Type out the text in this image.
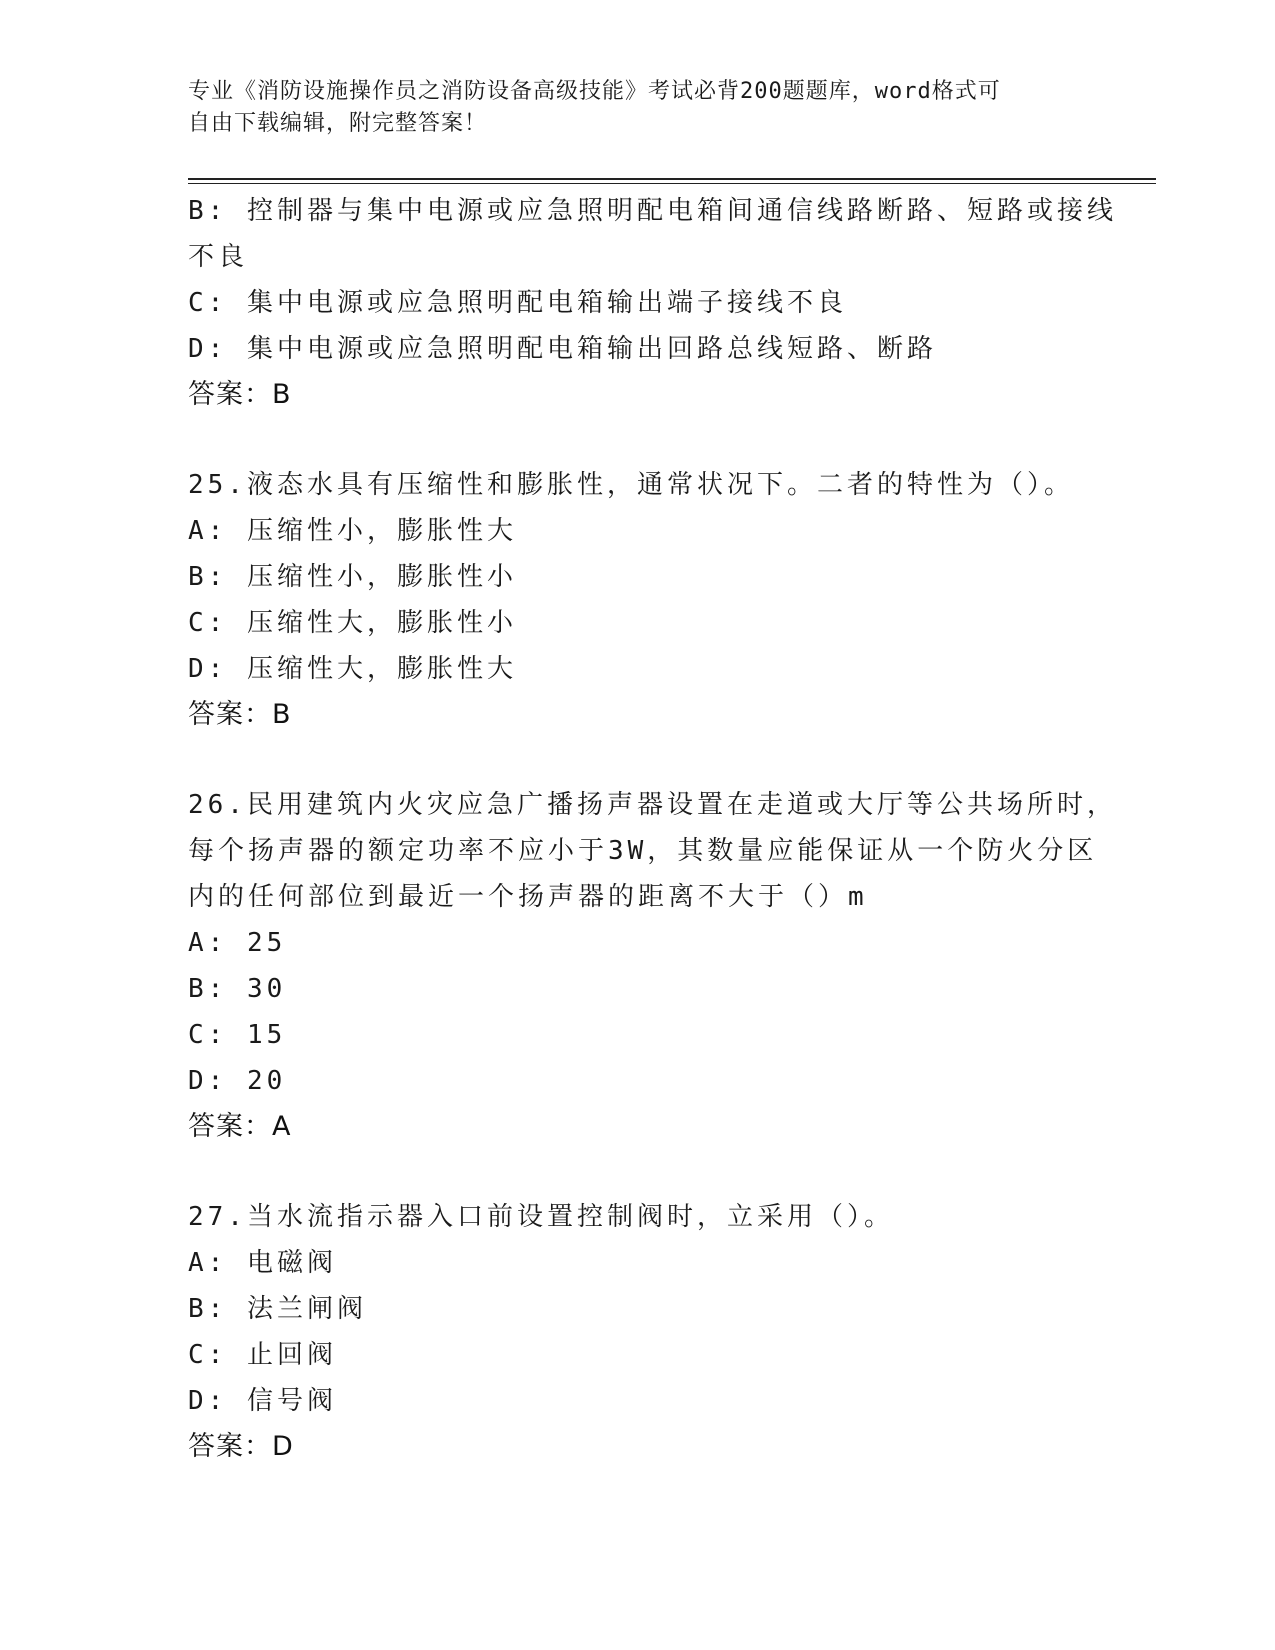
专业《消防设施操作员之消防设备高级技能》考试必背200题题库，word格式可
自由下载编辑，附完整答案！
B: 控制器与集中电源或应急照明配电箱间通信线路断路、短路或接线
不良
C: 集中电源或应急照明配电箱输出端子接线不良
D: 集中电源或应急照明配电箱输出回路总线短路、断路
答案：B
25.液态水具有压缩性和膨胀性，通常状况下。二者的特性为（）。
A: 压缩性小，膨胀性大
B: 压缩性小，膨胀性小
C: 压缩性大，膨胀性小
D: 压缩性大，膨胀性大
答案：B
26.民用建筑内火灾应急广播扬声器设置在走道或大厅等公共场所时，
每个扬声器的额定功率不应小于3W，其数量应能保证从一个防火分区
内的任何部位到最近一个扬声器的距离不大于（）m
A: 25
B: 30
C: 15
D: 20
答案：A
27.当水流指示器入口前设置控制阀时，立采用（）。
A: 电磁阀
B: 法兰闸阀
C: 止回阀
D: 信号阀
答案：D
